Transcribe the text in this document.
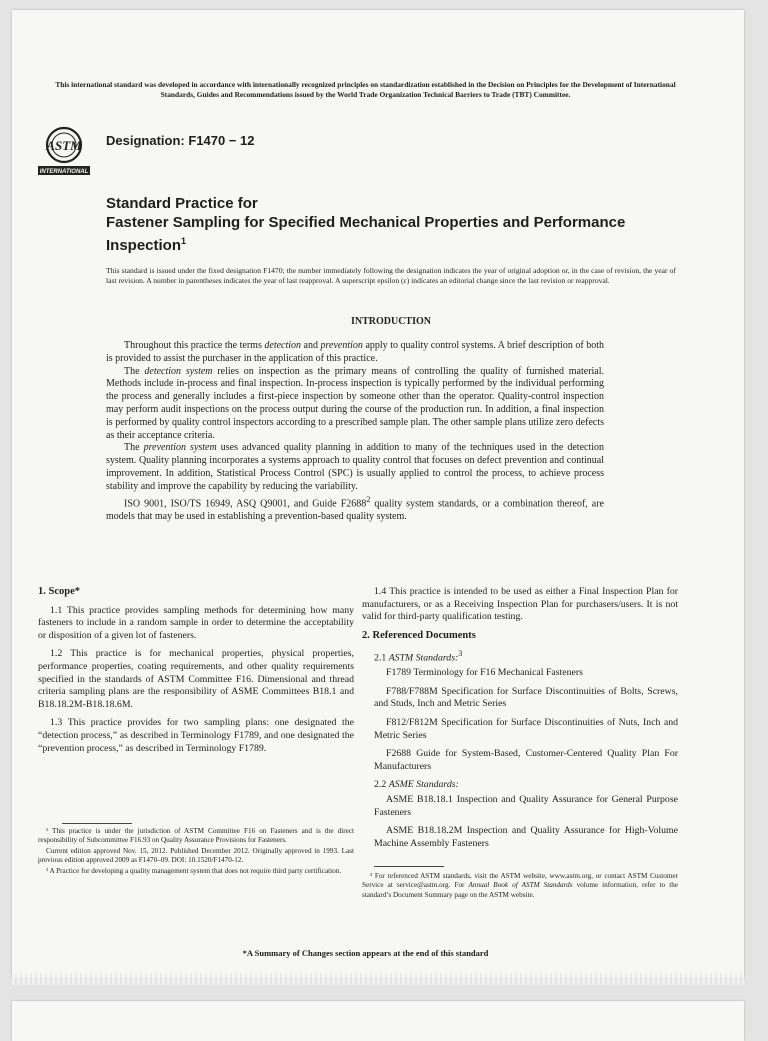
This international standard was developed in accordance with internationally recognized principles on standardization established in the Decision on Principles for the Development of International Standards, Guides and Recommendations issued by the World Trade Organization Technical Barriers to Trade (TBT) Committee.
ASTM
INTERNATIONAL
Designation: F1470 − 12
Standard Practice for
Fastener Sampling for Specified Mechanical Properties and Performance Inspection$^1$
This standard is issued under the fixed designation F1470; the number immediately following the designation indicates the year of original adoption or, in the case of revision, the year of last revision. A number in parentheses indicates the year of last reapproval. A superscript epsilon (ε) indicates an editorial change since the last revision or reapproval.
INTRODUCTION

Throughout this practice the terms detection and prevention apply to quality control systems. A brief description of both is provided to assist the purchaser in the application of this practice.

The detection system relies on inspection as the primary means of controlling the quality of furnished material. Methods include in-process and final inspection. In-process inspection is typically performed by the individual performing the process and generally includes a first-piece inspection by someone other than the operator. Quality-control inspection may perform audit inspections on the process output during the course of the production run. In addition, a final inspection is performed by quality control inspectors according to a prescribed sample plan. The other sample plans utilize zero defects as their acceptance criteria.

The prevention system uses advanced quality planning in addition to many of the techniques used in the detection system. Quality planning incorporates a systems approach to quality control that focuses on defect prevention and continual improvement. In addition, Statistical Process Control (SPC) is usually applied to control the process, to achieve process stability and improve the capability by reducing the variability.

ISO 9001, ISO/TS 16949, ASQ Q9001, and Guide F2688$^2$ quality system standards, or a combination thereof, are models that may be used in establishing a prevention-based quality system.

1. Scope*

1.1 This practice provides sampling methods for determining how many fasteners to include in a random sample in order to determine the acceptability or disposition of a given lot of fasteners.

1.2 This practice is for mechanical properties, physical properties, performance properties, coating requirements, and other quality requirements specified in the standards of ASTM Committee F16. Dimensional and thread criteria sampling plans are the responsibility of ASME Committees B18.1 and B18.18.2M-B18.18.6M.

1.3 This practice provides for two sampling plans: one designated the “detection process,” as described in Terminology F1789, and one designated the “prevention process,” as described in Terminology F1789.

1.4 This practice is intended to be used as either a Final Inspection Plan for manufacturers, or as a Receiving Inspection Plan for purchasers/users. It is not valid for third-party qualification testing.

2. Referenced Documents
2.1 ASTM Standards:$^3$

F1789 Terminology for F16 Mechanical Fasteners

F788/F788M Specification for Surface Discontinuities of Bolts, Screws, and Studs, Inch and Metric Series

F812/F812M Specification for Surface Discontinuities of Nuts, Inch and Metric Series

F2688 Guide for System-Based, Customer-Centered Quality Plan For Manufacturers

2.2 ASME Standards:

ASME B18.18.1 Inspection and Quality Assurance for General Purpose Fasteners

ASME B18.18.2M Inspection and Quality Assurance for High-Volume Machine Assembly Fasteners

¹ This practice is under the jurisdiction of ASTM Committee F16 on Fasteners and is the direct responsibility of Subcommittee F16.93 on Quality Assurance Provisions for Fasteners.

Current edition approved Nov. 15, 2012. Published December 2012. Originally approved in 1993. Last previous edition approved 2009 as F1470–09. DOI: 10.1520/F1470-12.

² A Practice for developing a quality management system that does not require third party certification.

³ For referenced ASTM standards, visit the ASTM website, www.astm.org, or contact ASTM Customer Service at service@astm.org. For Annual Book of ASTM Standards volume information, refer to the standard’s Document Summary page on the ASTM website.

*A Summary of Changes section appears at the end of this standard
